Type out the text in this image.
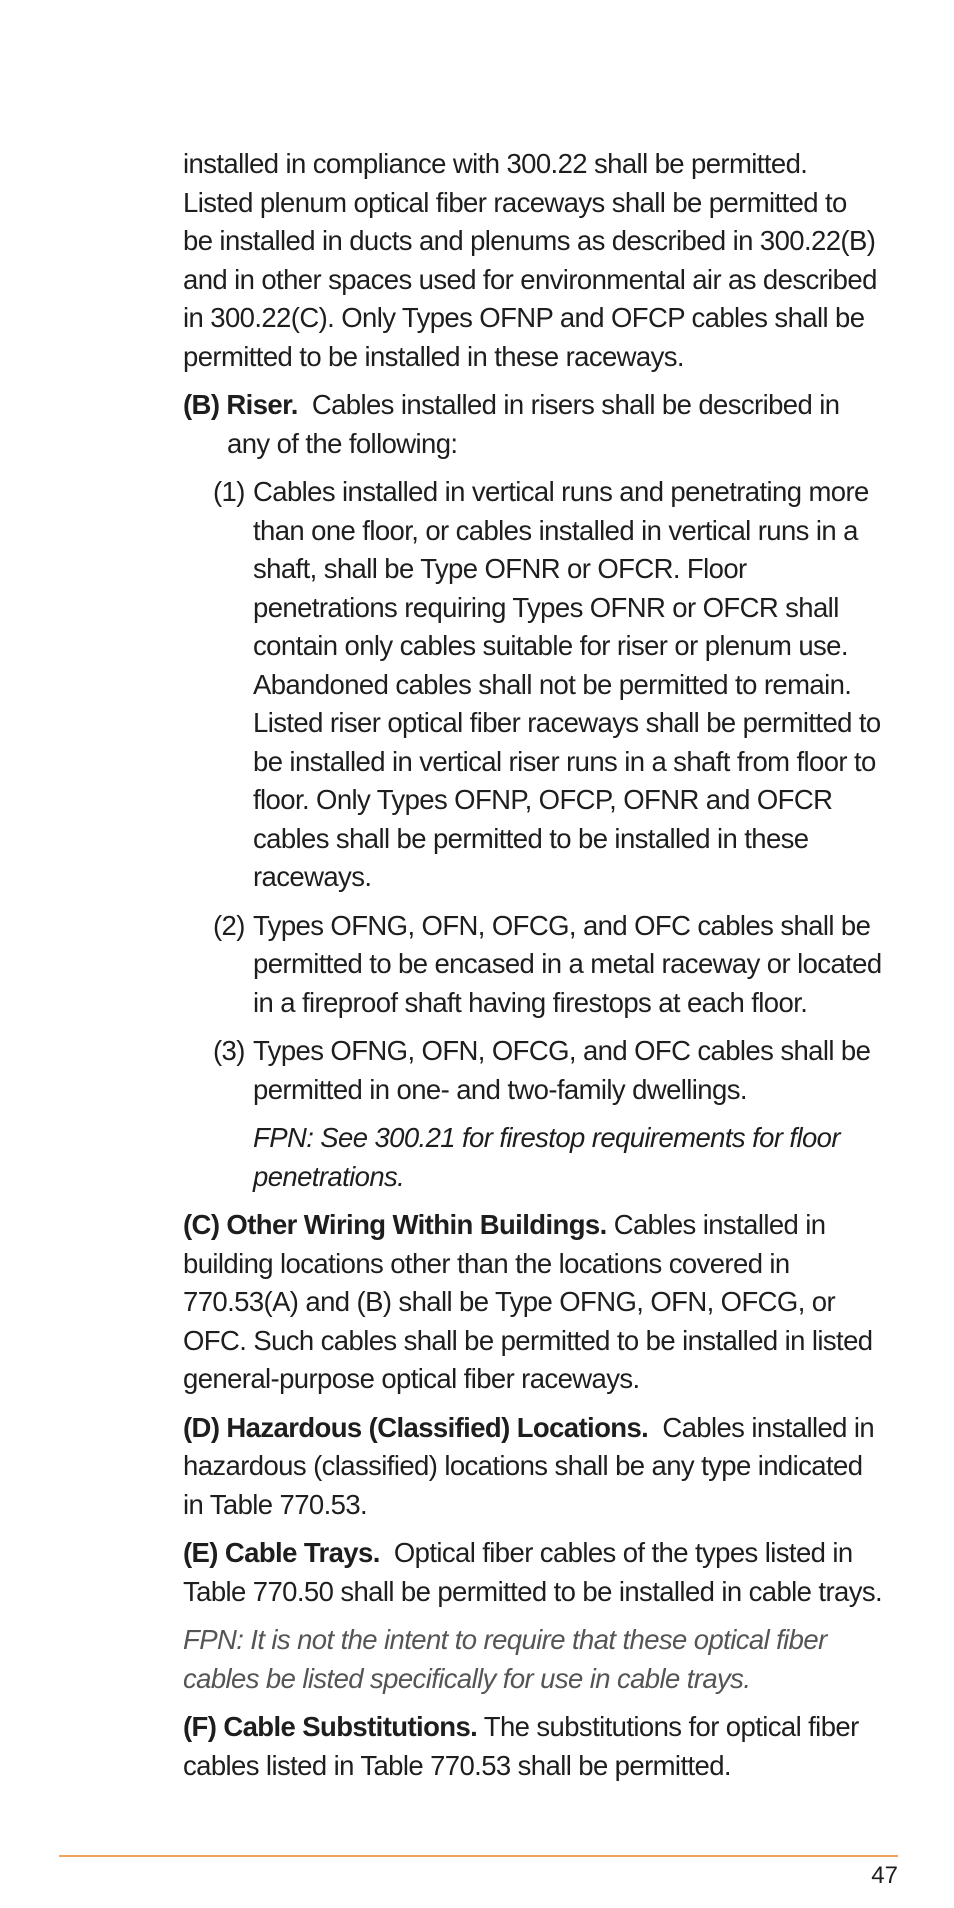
installed in compliance with 300.22 shall be permitted. Listed plenum optical fiber raceways shall be permitted to be installed in ducts and plenums as described in 300.22(B) and in other spaces used for environmental air as described in 300.22(C). Only Types OFNP and OFCP cables shall be permitted to be installed in these raceways.

(B) Riser. Cables installed in risers shall be described in any of the following:
(1) Cables installed in vertical runs and penetrating more than one floor, or cables installed in vertical runs in a shaft, shall be Type OFNR or OFCR. Floor penetrations requiring Types OFNR or OFCR shall contain only cables suitable for riser or plenum use. Abandoned cables shall not be permitted to remain. Listed riser optical fiber raceways shall be permitted to be installed in vertical riser runs in a shaft from floor to floor. Only Types OFNP, OFCP, OFNR and OFCR cables shall be permitted to be installed in these raceways.
(2) Types OFNG, OFN, OFCG, and OFC cables shall be permitted to be encased in a metal raceway or located in a fireproof shaft having firestops at each floor.
(3) Types OFNG, OFN, OFCG, and OFC cables shall be permitted in one- and two-family dwellings.

FPN: See 300.21 for firestop requirements for floor penetrations.

(C) Other Wiring Within Buildings. Cables installed in building locations other than the locations covered in 770.53(A) and (B) shall be Type OFNG, OFN, OFCG, or OFC. Such cables shall be permitted to be installed in listed general-purpose optical fiber raceways.
(D) Hazardous (Classified) Locations. Cables installed in hazardous (classified) locations shall be any type indicated in Table 770.53.
(E) Cable Trays. Optical fiber cables of the types listed in Table 770.50 shall be permitted to be installed in cable trays.

FPN: It is not the intent to require that these optical fiber cables be listed specifically for use in cable trays.

(F) Cable Substitutions. The substitutions for optical fiber cables listed in Table 770.53 shall be permitted.
47
